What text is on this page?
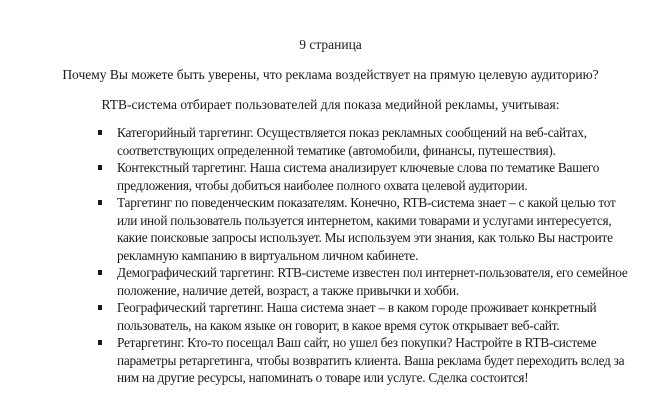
9 страница
Почему Вы можете быть уверены, что реклама воздействует на прямую целевую аудиторию?
RTB-система отбирает пользователей для показа медийной рекламы, учитывая:
Категорийный таргетинг. Осуществляется показ рекламных сообщений на веб-сайтах, соответствующих определенной тематике (автомобили, финансы, путешествия).
Контекстный таргетинг. Наша система анализирует ключевые слова по тематике Вашего предложения, чтобы добиться наиболее полного охвата целевой аудитории.
Таргетинг по поведенческим показателям. Конечно, RTB-система знает – с какой целью тот или иной пользователь пользуется интернетом, какими товарами и услугами интересуется, какие поисковые запросы использует. Мы используем эти знания, как только Вы настроите рекламную кампанию в виртуальном личном кабинете.
Демографический таргетинг. RTB-системе известен пол интернет-пользователя, его семейное положение, наличие детей, возраст, а также привычки и хобби.
Географический таргетинг. Наша система знает – в каком городе проживает конкретный пользователь, на каком языке он говорит, в какое время суток открывает веб-сайт.
Ретаргетинг. Кто-то посещал Ваш сайт, но ушел без покупки? Настройте в RTB-системе параметры ретаргетинга, чтобы возвратить клиента. Ваша реклама будет переходить вслед за ним на другие ресурсы, напоминать о товаре или услуге. Сделка состоится!
